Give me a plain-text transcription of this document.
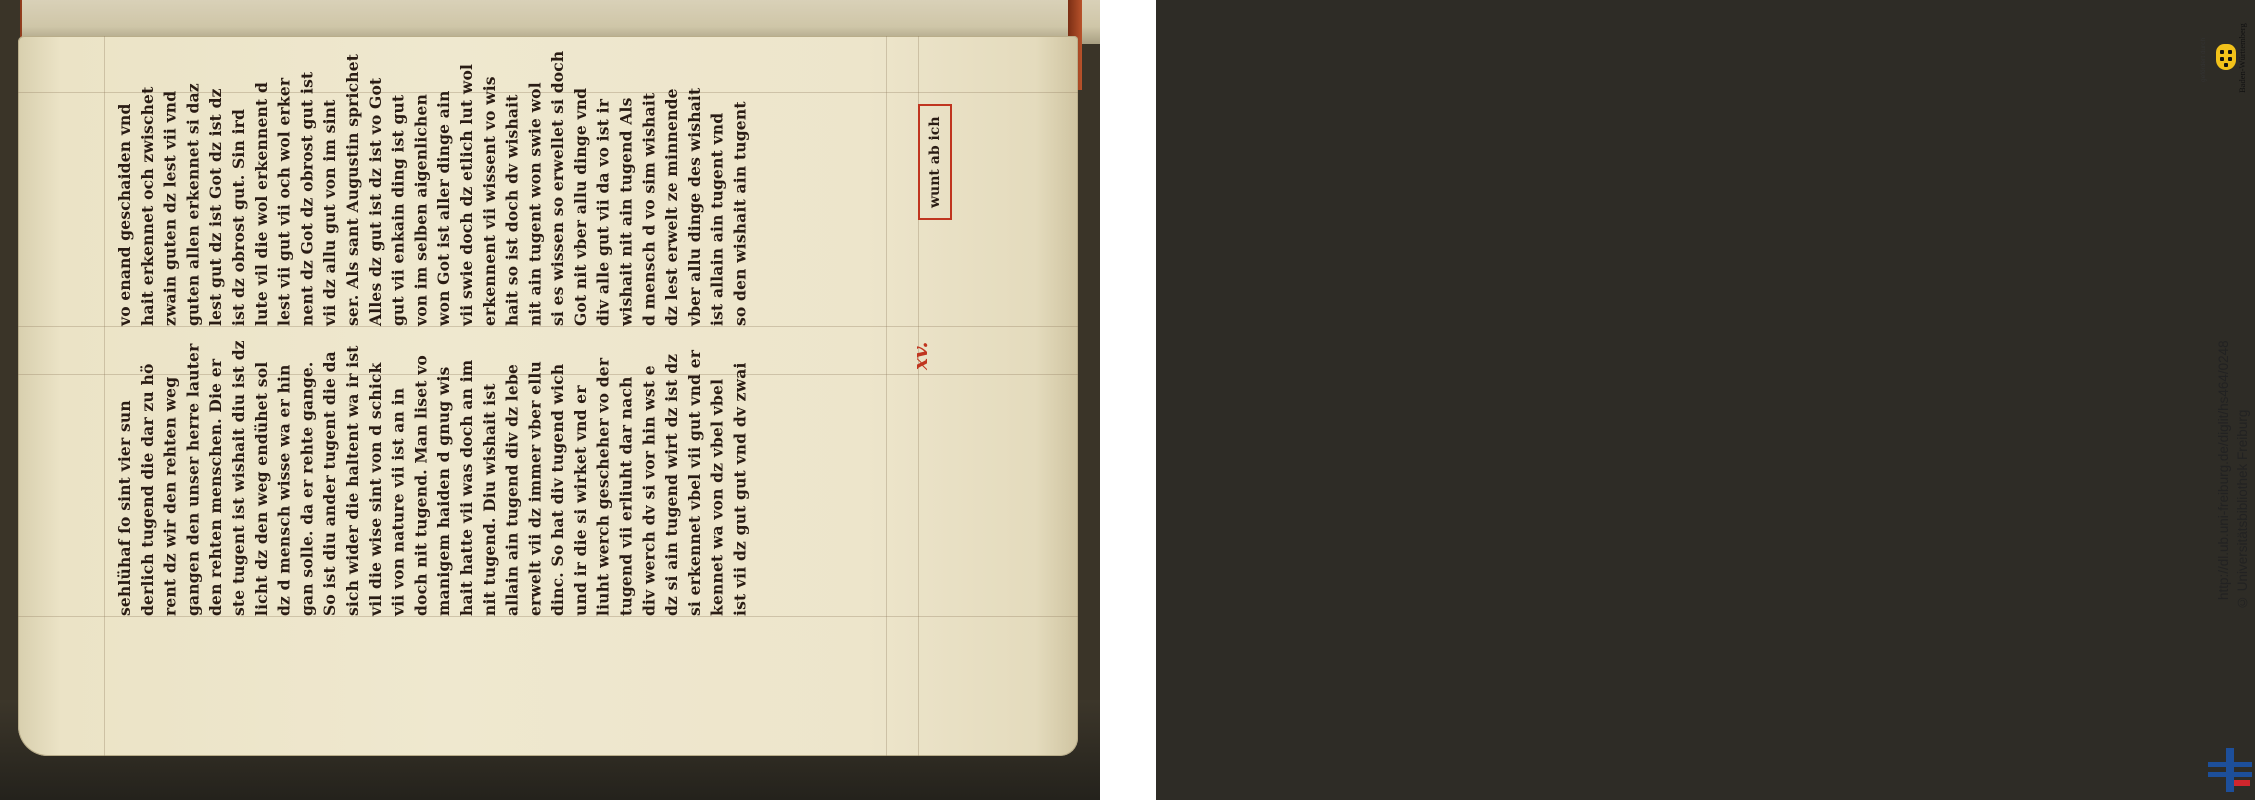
sehlühaf ſo sint vier sun derlich tugend die dar zu hö rent dz wir den rehten weg gangen den unser herre lauter den rehten menschen. Die er ste tugent ist wishait diu ist dz licht dz den weg endühet sol dz d mensch wisse wa er hin gan solle. da er rehte gange. So ist diu ander tugent die da sich wider die haltent wa ir ist vil die wise sint von d schick vii von nature vii ist an in doch nit tugend. Man liset vo manigem haiden d gnug wis hait hatte vii was doch an im nit tugend. Diu wishait ist allain ain tugend div dz lebe erwelt vii dz immer vber ellu dinc. So hat div tugend wich und ir die si wirket vnd er liuht werch gescheher vo der tugend vii erliuht dar nach div werch dv si vor hin wst e dz si ain tugend wirt dz ist dz si erkennet vbel vii gut vnd er kennet wa von dz vbel vbel ist vii dz gut gut vnd dv zwai
vo enand geschaiden vnd hait erkennet och zwischet zwain guten dz lest vii vnd guten allen erkennet si daz lest gut dz ist Got dz ist dz ist dz obrost gut. Sin ird lute vil die wol erkennent d lest vii gut vii och wol erker nent dz Got dz obrost gut ist vii dz allu gut von im sint ser. Als sant Augustin sprichet Alles dz gut ist dz ist vo Got gut vii enkain ding ist gut von im selben aigenlichen won Got ist aller dinge ain vii swie doch dz etlich lut wol erkennent vii wissent vo wis hait so ist doch dv wishait nit ain tugent won swie wol si es wissen so erwellet si doch Got nit vber allu dinge vnd div alle gut vii da vo ist ir wishait nit ain tugend Als d mensch d vo sim wishait dz lest erwelt ze minnende vber allu dinge des wishait ist allain ain tugent vnd so den wishait ain tugent	wunt ab ich
xv.
gefördert durch	Baden-Württemberg
http://dl.ub.uni-freiburg.de/diglit/hs464/0248 © Universitätsbibliothek Freiburg
